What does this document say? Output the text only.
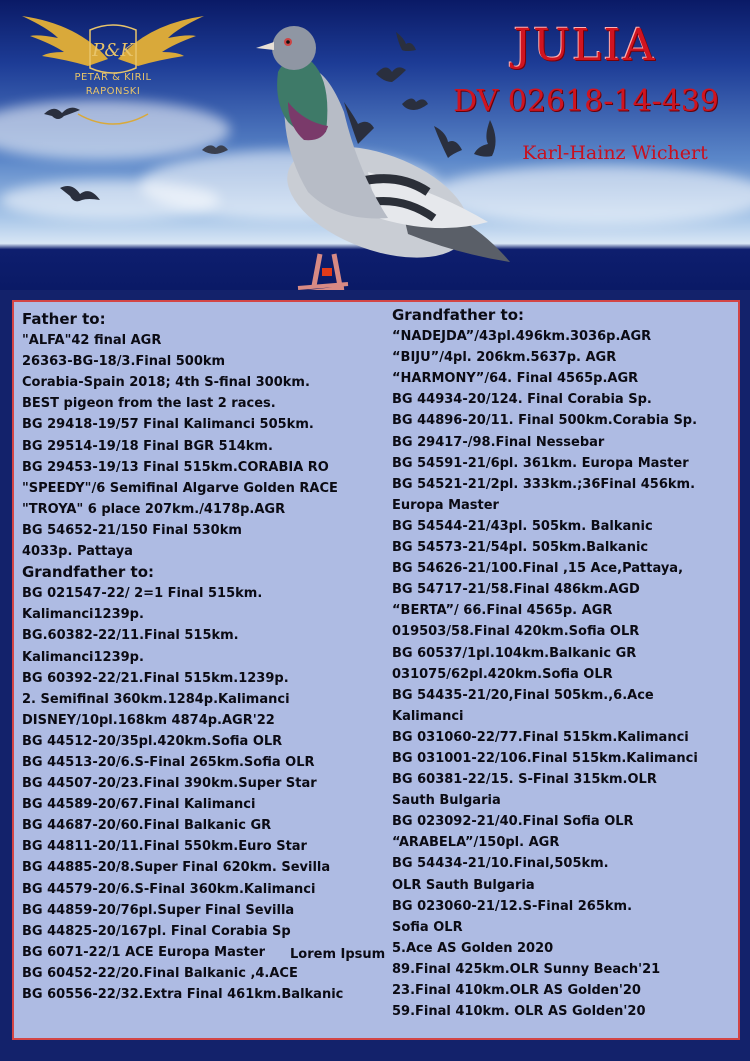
P&K
PETAR & KIRIL
RAPONSKI
JULIA
DV 02618-14-439
Karl-Hainz Wichert
Father to:
"ALFA"42 final AGR
26363-BG-18/3.Final 500km
Corabia-Spain 2018; 4th S-final 300km.
BEST pigeon from the last 2 races.
BG 29418-19/57 Final Kalimanci 505km.
BG 29514-19/18 Final BGR 514km.
BG 29453-19/13 Final 515km.CORABIA RO
"SPEEDY"/6 Semifinal Algarve Golden RACE
"TROYA" 6 place 207km./4178p.AGR
BG 54652-21/150 Final 530km
4033p. Pattaya
Grandfather to:
BG 021547-22/ 2=1 Final 515km.
Kalimanci1239p.
BG.60382-22/11.Final 515km.
Kalimanci1239p.
BG 60392-22/21.Final 515km.1239p.
2. Semifinal 360km.1284p.Kalimanci
DISNEY/10pl.168km 4874p.AGR'22
BG 44512-20/35pl.420km.Sofia OLR
BG 44513-20/6.S-Final 265km.Sofia OLR
BG 44507-20/23.Final 390km.Super Star
BG 44589-20/67.Final Kalimanci
BG 44687-20/60.Final Balkanic GR
BG 44811-20/11.Final 550km.Euro Star
BG 44885-20/8.Super Final 620km. Sevilla
BG 44579-20/6.S-Final 360km.Kalimanci
BG 44859-20/76pl.Super Final Sevilla
BG 44825-20/167pl. Final Corabia Sp
BG 6071-22/1 ACE Europa Master
BG 60452-22/20.Final Balkanic ,4.ACE
BG 60556-22/32.Extra Final 461km.Balkanic
Grandfather to:
“NADEJDA”/43pl.496km.3036p.AGR
“BIJU”/4pl. 206km.5637p. AGR
“HARMONY”/64. Final 4565p.AGR
BG 44934-20/124. Final Corabia Sp.
BG 44896-20/11. Final 500km.Corabia Sp.
BG 29417-/98.Final Nessebar
BG 54591-21/6pl. 361km. Europa Master
BG 54521-21/2pl. 333km.;36Final 456km.
Europa Master
BG 54544-21/43pl. 505km. Balkanic
BG 54573-21/54pl. 505km.Balkanic
BG 54626-21/100.Final ,15 Ace,Pattaya,
BG 54717-21/58.Final 486km.AGD
“BERTA”/ 66.Final 4565p. AGR
019503/58.Final 420km.Sofia OLR
BG 60537/1pl.104km.Balkanic GR
031075/62pl.420km.Sofia OLR
BG 54435-21/20,Final 505km.,6.Ace
Kalimanci
BG 031060-22/77.Final 515km.Kalimanci
BG 031001-22/106.Final 515km.Kalimanci
BG 60381-22/15. S-Final 315km.OLR
Sauth Bulgaria
BG 023092-21/40.Final Sofia OLR
“ARABELA”/150pl. AGR
BG 54434-21/10.Final,505km.
OLR Sauth Bulgaria
BG 023060-21/12.S-Final 265km.
Sofia OLR
5.Ace AS Golden 2020
89.Final 425km.OLR Sunny Beach'21
23.Final 410km.OLR AS Golden'20
59.Final 410km. OLR AS Golden'20
Lorem Ipsum
